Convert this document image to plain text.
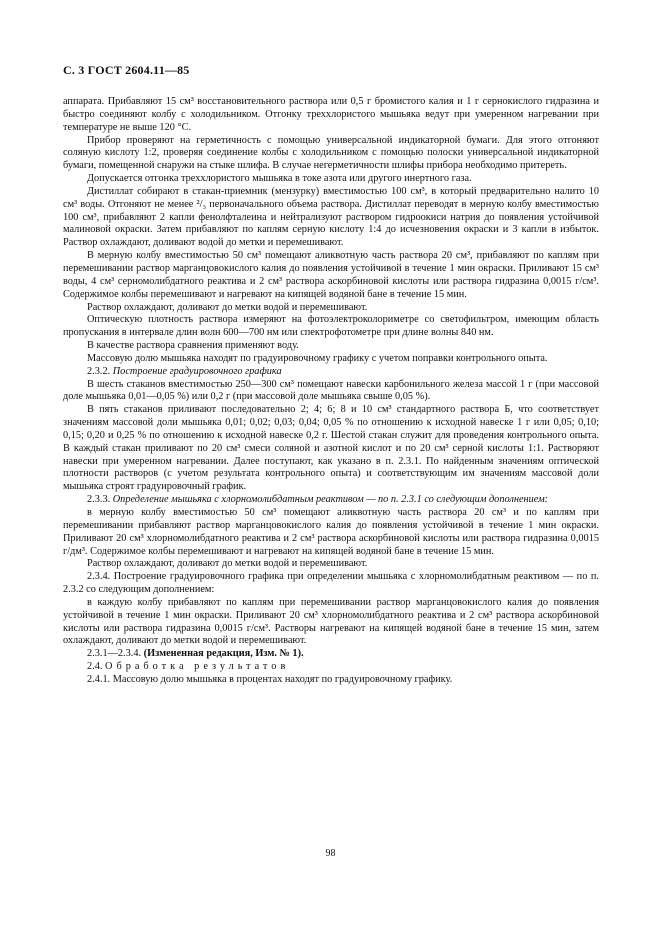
С. 3 ГОСТ 2604.11—85

аппарата. Прибавляют 15 см³ восстановительного раствора или 0,5 г бромистого калия и 1 г сернокислого гидразина и быстро соединяют колбу с холодильником. Отгонку треххлористого мышьяка ведут при умеренном нагревании при температуре не выше 120 °С.

Прибор проверяют на герметичность с помощью универсальной индикаторной бумаги. Для этого отгоняют соляную кислоту 1:2, проверяя соединение колбы с холодильником с помощью полоски универсальной индикаторной бумаги, помещенной снаружи на стыке шлифа. В случае негерметичности шлифы прибора необходимо притереть.

Допускается отгонка треххлористого мышьяка в токе азота или другого инертного газа.

Дистиллат собирают в стакан-приемник (мензурку) вместимостью 100 см³, в который предварительно налито 10 см³ воды. Отгоняют не менее ²/₃ первоначального объема раствора. Дистиллат переводят в мерную колбу вместимостью 100 см³, прибавляют 2 капли фенолфталеина и нейтрализуют раствором гидроокиси натрия до появления устойчивой малиновой окраски. Затем прибавляют по каплям серную кислоту 1:4 до исчезновения окраски и 3 капли в избыток. Раствор охлаждают, доливают водой до метки и перемешивают.

В мерную колбу вместимостью 50 см³ помещают аликвотную часть раствора 20 см³, прибавляют по каплям при перемешивании раствор марганцовокислого калия до появления устойчивой в течение 1 мин окраски. Приливают 15 см³ воды, 4 см³ серномолибдатного реактива и 2 см³ раствора аскорбиновой кислоты или раствора гидразина 0,0015 г/см³. Содержимое колбы перемешивают и нагревают на кипящей водяной бане в течение 15 мин.

Раствор охлаждают, доливают до метки водой и перемешивают.

Оптическую плотность раствора измеряют на фотоэлектроколориметре со светофильтром, имеющим область пропускания в интервале длин волн 600—700 нм или спектрофотометре при длине волны 840 нм.

В качестве раствора сравнения применяют воду.

Массовую долю мышьяка находят по градуировочному графику с учетом поправки контрольного опыта.

2.3.2. Построение градуировочного графика

В шесть стаканов вместимостью 250—300 см³ помещают навески карбонильного железа массой 1 г (при массовой доле мышьяка 0,01—0,05 %) или 0,2 г (при массовой доле мышьяка свыше 0,05 %).

В пять стаканов приливают последовательно 2; 4; 6; 8 и 10 см³ стандартного раствора Б, что соответствует значениям массовой доли мышьяка 0,01; 0,02; 0,03; 0,04; 0,05 % по отношению к исходной навеске 1 г или 0,05; 0,10; 0,15; 0,20 и 0,25 % по отношению к исходной навеске 0,2 г. Шестой стакан служит для проведения контрольного опыта. В каждый стакан приливают по 20 см³ смеси соляной и азотной кислот и по 20 см³ серной кислоты 1:1. Растворяют навески при умеренном нагревании. Далее поступают, как указано в п. 2.3.1. По найденным значениям оптической плотности растворов (с учетом результата контрольного опыта) и соответствующим им значениям массовой доли мышьяка строят градуировочный график.

2.3.3. Определение мышьяка с хлорномолибдатным реактивом — по п. 2.3.1 со следующим дополнением:

в мерную колбу вместимостью 50 см³ помещают аликвотную часть раствора 20 см³ и по каплям при перемешивании прибавляют раствор марганцовокислого калия до появления устойчивой в течение 1 мин окраски. Приливают 20 см³ хлорномолибдатного реактива и 2 см³ раствора аскорбиновой кислоты или раствора гидразина 0,0015 г/дм³. Содержимое колбы перемешивают и нагревают на кипящей водяной бане в течение 15 мин.

Раствор охлаждают, доливают до метки водой и перемешивают.

2.3.4. Построение градуировочного графика при определении мышьяка с хлорномолибдатным реактивом — по п. 2.3.2 со следующим дополнением:

в каждую колбу прибавляют по каплям при перемешивании раствор марганцовокислого калия до появления устойчивой в течение 1 мин окраски. Приливают 20 см³ хлорномолибдатного реактива и 2 см³ раствора аскорбиновой кислоты или раствора гидразина 0,0015 г/см³. Растворы нагревают на кипящей водяной бане в течение 15 мин, затем охлаждают, доливают до метки водой и перемешивают.

2.3.1—2.3.4. (Измененная редакция, Изм. № 1).

2.4. Обработка результатов

2.4.1. Массовую долю мышьяка в процентах находят по градуировочному графику.

98
